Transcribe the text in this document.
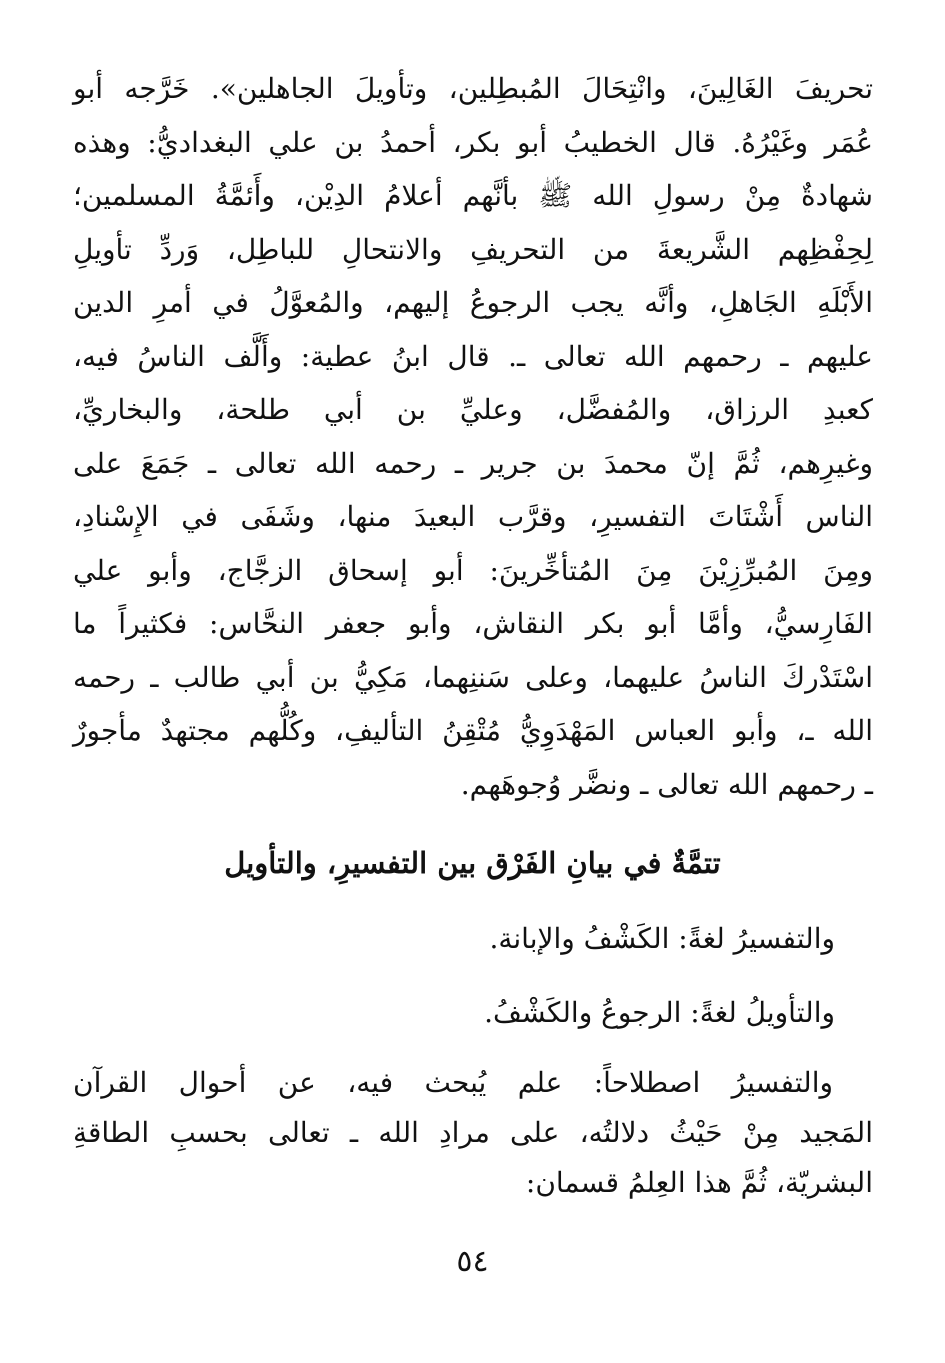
تحريفَ الغَالِينَ، وانْتِحَالَ المُبطِلين، وتأويلَ الجاهلين». خَرَّجه أبو
عُمَر وغَيْرُهُ. قال الخطيبُ أبو بكر، أحمدُ بن علي البغداديُّ: وهذه
شهادةٌ مِنْ رسولِ الله ﷺ بأنَّهم أعلامُ الدِيْن، وأَئمَّةُ المسلمين؛
لِحِفْظِهم الشَّريعةَ من التحريفِ والانتحالِ للباطِل، وَردِّ تأويلِ
الأَبْلَهِ الجَاهلِ، وأنَّه يجب الرجوعُ إليهم، والمُعوَّلُ في أمرِ الدين
عليهم ـ رحمهم الله تعالى ـ. قال ابنُ عطية: وأَلَّف الناسُ فيه،
كعبدِ الرزاق، والمُفضَّل، وعليِّ بن أبي طلحة، والبخاريِّ،
وغيرِهم، ثُمَّ إنّ محمدَ بن جرير ـ رحمه الله تعالى ـ جَمَعَ على
الناس أَشْتَاتَ التفسيرِ، وقرَّب البعيدَ منها، وشَفَى في الإِسْنادِ،
ومِنَ المُبرِّزِيْنَ مِنَ المُتأخِّرينَ: أبو إسحاق الزجَّاج، وأبو علي
الفَارِسيُّ، وأمَّا أبو بكر النقاش، وأبو جعفر النحَّاس: فكثيراً ما
اسْتَدْركَ الناسُ عليهما، وعلى سَننِهما، مَكِيُّ بن أبي طالب ـ رحمه
الله ـ، وأبو العباس المَهْدَوِيُّ مُتْقِنُ التأليفِ، وكُلُّهم مجتهدٌ مأجورٌ
ـ رحمهم الله تعالى ـ ونضَّر وُجوهَهم.
تتمَّةٌ في بيانِ الفَرْق بين التفسيرِ، والتأويل
والتفسيرُ لغةً: الكَشْفُ والإبانة.
والتأويلُ لغةً: الرجوعُ والكَشْفُ.
والتفسيرُ اصطلاحاً: علم يُبحث فيه، عن أحوال القرآن
المَجيد مِنْ حَيْثُ دلالتُه، على مرادِ الله ـ تعالى بحسبِ الطاقةِ
البشريّة، ثُمَّ هذا العِلمُ قسمان:
٥٤
